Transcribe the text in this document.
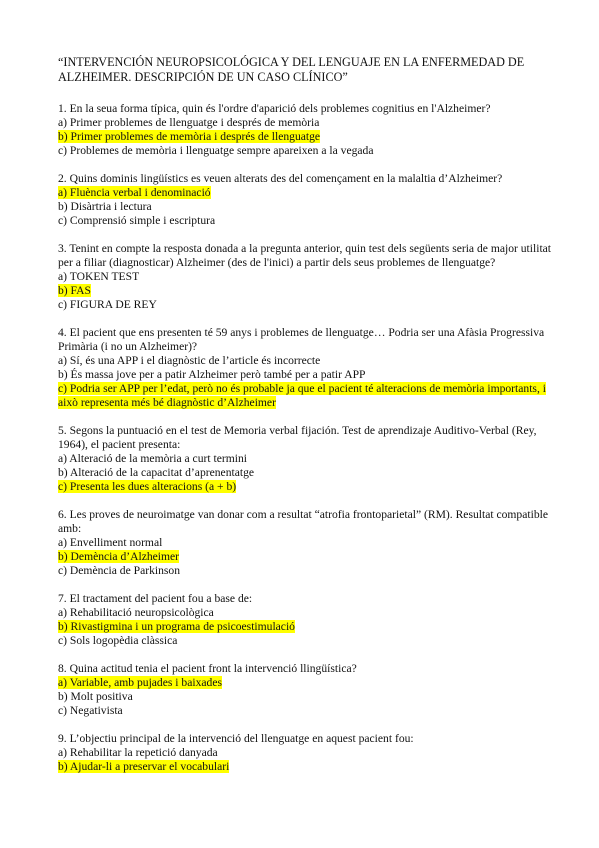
“INTERVENCIÓN NEUROPSICOLÓGICA Y DEL LENGUAJE EN LA ENFERMEDAD DE ALZHEIMER. DESCRIPCIÓN DE UN CASO CLÍNICO”
1. En la seua forma típica, quin és l'ordre d'aparició dels problemes cognitius en l'Alzheimer?
a) Primer problemes de llenguatge i després de memòria
b) Primer problemes de memòria i després de llenguatge
c) Problemes de memòria i llenguatge sempre apareixen a la vegada
2. Quins dominis lingüístics es veuen alterats des del començament en la malaltia d’Alzheimer?
a) Fluència verbal i denominació
b) Disàrtria i lectura
c) Comprensió simple i escriptura
3. Tenint en compte la resposta donada a la pregunta anterior, quin test dels següents seria de major utilitat per a filiar (diagnosticar) Alzheimer (des de l'inici) a partir dels seus problemes de llenguatge?
a) TOKEN TEST
b) FAS
c) FIGURA DE REY
4. El pacient que ens presenten té 59 anys i problemes de llenguatge… Podria ser una Afàsia Progressiva Primària (i no un Alzheimer)?
a) Sí, és una APP i el diagnòstic de l’article és incorrecte
b) És massa jove per a patir Alzheimer però també per a patir APP
c) Podria ser APP per l’edat, però no és probable ja que el pacient té alteracions de memòria importants, i això representa més bé diagnòstic d’Alzheimer
5. Segons la puntuació en el test de Memoria verbal fijación. Test de aprendizaje Auditivo-Verbal (Rey, 1964), el pacient presenta:
a) Alteració de la memòria a curt termini
b) Alteració de la capacitat d’aprenentatge
c) Presenta les dues alteracions (a + b)
6. Les proves de neuroimatge van donar com a resultat “atrofia frontoparietal” (RM). Resultat compatible amb:
a) Envelliment normal
b) Demència d’Alzheimer
c) Demència de Parkinson
7. El tractament del pacient fou a base de:
a) Rehabilitació neuropsicològica
b) Rivastigmina i un programa de psicoestimulació
c) Sols logopèdia clàssica
8. Quina actitud tenia el pacient front la intervenció llingüística?
a) Variable, amb pujades i baixades
b) Molt positiva
c) Negativista
9. L’objectiu principal de la intervenció del llenguatge en aquest pacient fou:
a) Rehabilitar la repetició danyada
b) Ajudar-li a preservar el vocabulari
